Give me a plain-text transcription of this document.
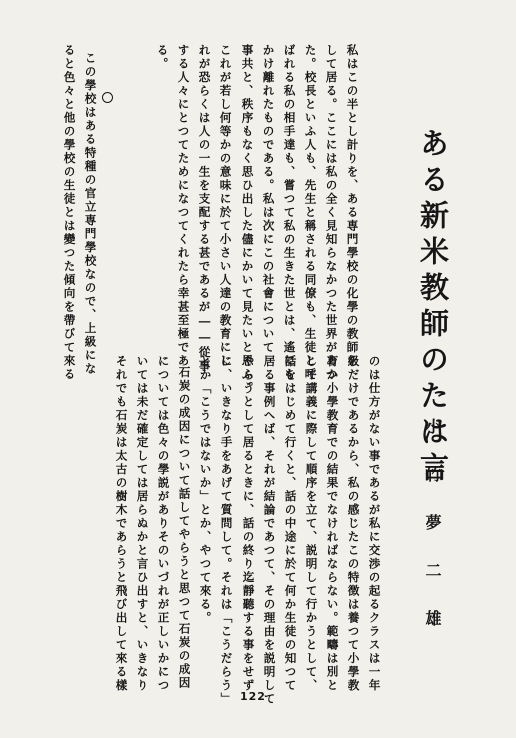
ある新米教師のたは言
小竹夢二雄
私はこの半とし計りを、ある専門學校の化學の教師を
して居る。ここには私の全く見知らなかつた世界があつ
た。校長といふ人も、先生と稱される同僚も、生徒と呼
ばれる私の相手達も、嘗つて私の生きた世とは、遙にも
かけ離れたものである。私は次にこの社會について
事共と、秩序もなく思ひ出した儘にかいて見たいと思ふ。
これが若し何等かの意味に於て小さい人達の教育にし
れが恐らくは人の一生を支配する甚であるが――從事
する人々にとつてためになつてくれたら幸甚至極であ
る。
この學校はある特種の官立専門學校なので、上級にな
ると色々と他の學校の生徒とは變つた傾向を帶びて來る
のは仕方がない事であるが私に交渉の起るクラスは一年
級だけであるから、私の感じたこの特徴は養つて小學教
育か小學教育での結果でなければならない。範疇は別と
して講義に際して順序を立て、説明して行かうとして、
話をはじめて行くと、話の中途に於て何か生徒の知つて
居る事例へば、それが結論であつて、その理由を説明して
やらうとして居るときに、話の終り迄靜聽する事をせず
に、いきなり手をあげて質問して。それは「こうだらう」
とか「こうではないか」とか、やつて來る。
石炭の成因について話してやらうと思つて石炭の成因
については色々の學説がありそのいづれが正しいかにつ
いては未だ確定しては居らぬかと言ひ出すと、いきなり
それでも石炭は太古の樹木であらうと飛び出して來る樣
122
